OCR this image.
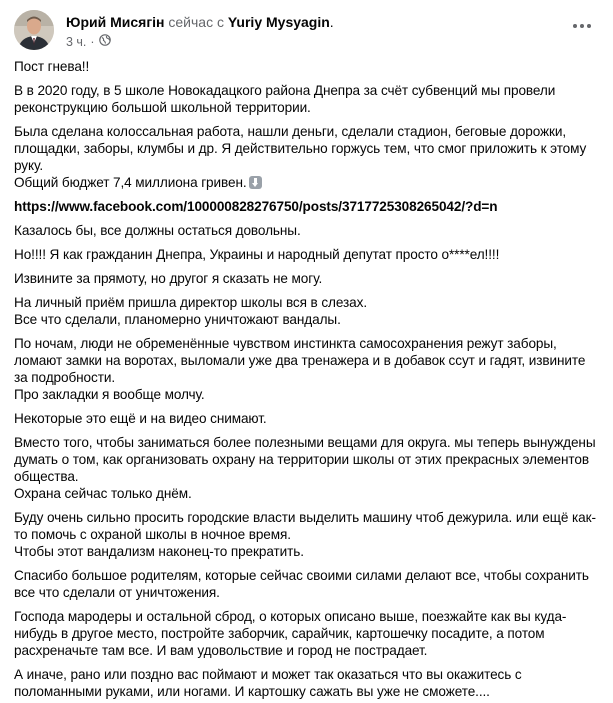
Юрий Мисягін сейчас с Yuriy Mysyagin.
3 ч. ·

Пост гнева!!

В в 2020 году, в 5 школе Новокадацкого района Днепра за счёт субвенций мы провели реконструкцию большой школьной территории.

Была сделана колоссальная работа, нашли деньги, сделали стадион, беговые дорожки, площадки, заборы, клумбы и др. Я действительно горжусь тем, что смог приложить к этому руку.

Общий бюджет 7,4 миллиона гривен.

https://www.facebook.com/100000828276750/posts/3717725308265042/?d=n

Казалось бы, все должны остаться довольны.

Но!!!! Я как гражданин Днепра, Украины и народный депутат просто о****ел!!!!

Извините за прямоту, но другог я сказать не могу.

На личный приём пришла директор школы вся в слезах.
Все что сделали, планомерно уничтожают вандалы.

По ночам, люди не обременённые чувством инстинкта самосохранения режут заборы, ломают замки на воротах, выломали уже два тренажера и в добавок ссут и гадят, извините за подробности.
Про закладки я вообще молчу.

Некоторые это ещё и на видео снимают.

Вместо того, чтобы заниматься более полезными вещами для округа. мы теперь вынуждены думать о том, как организовать охрану на территории школы от этих прекрасных элементов общества.
Охрана сейчас только днём.

Буду очень сильно просить городские власти выделить машину чтоб дежурила. или ещё как-то помочь с охраной школы в ночное время.
Чтобы этот вандализм наконец-то прекратить.

Спасибо большое родителям, которые сейчас своими силами делают все, чтобы сохранить все что сделали от уничтожения.

Господа мародеры и остальной сброд, о которых описано выше, поезжайте как вы куда-нибудь в другое место, постройте заборчик, сарайчик, картошечку посадите, а потом расхреначьте там все. И вам удовольствие и город не пострадает.

А иначе, рано или поздно вас поймают и может так оказаться что вы окажитесь с поломанными руками, или ногами. И картошку сажать вы уже не сможете....
